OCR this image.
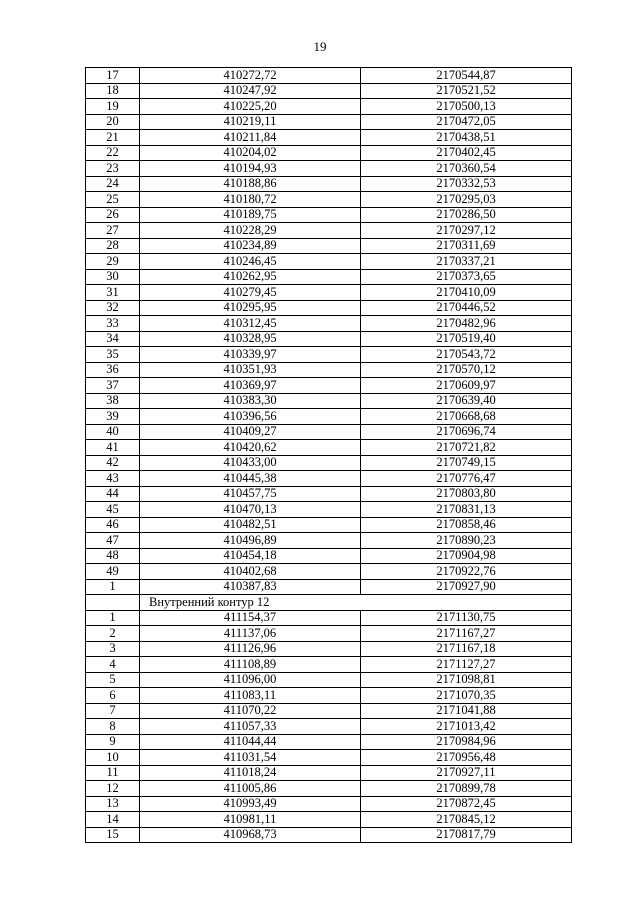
19
17	410272,72	2170544,87
18	410247,92	2170521,52
19	410225,20	2170500,13
20	410219,11	2170472,05
21	410211,84	2170438,51
22	410204,02	2170402,45
23	410194,93	2170360,54
24	410188,86	2170332,53
25	410180,72	2170295,03
26	410189,75	2170286,50
27	410228,29	2170297,12
28	410234,89	2170311,69
29	410246,45	2170337,21
30	410262,95	2170373,65
31	410279,45	2170410,09
32	410295,95	2170446,52
33	410312,45	2170482,96
34	410328,95	2170519,40
35	410339,97	2170543,72
36	410351,93	2170570,12
37	410369,97	2170609,97
38	410383,30	2170639,40
39	410396,56	2170668,68
40	410409,27	2170696,74
41	410420,62	2170721,82
42	410433,00	2170749,15
43	410445,38	2170776,47
44	410457,75	2170803,80
45	410470,13	2170831,13
46	410482,51	2170858,46
47	410496,89	2170890,23
48	410454,18	2170904,98
49	410402,68	2170922,76
1	410387,83	2170927,90
	Внутренний контур 12	
1	411154,37	2171130,75
2	411137,06	2171167,27
3	411126,96	2171167,18
4	411108,89	2171127,27
5	411096,00	2171098,81
6	411083,11	2171070,35
7	411070,22	2171041,88
8	411057,33	2171013,42
9	411044,44	2170984,96
10	411031,54	2170956,48
11	411018,24	2170927,11
12	411005,86	2170899,78
13	410993,49	2170872,45
14	410981,11	2170845,12
15	410968,73	2170817,79
